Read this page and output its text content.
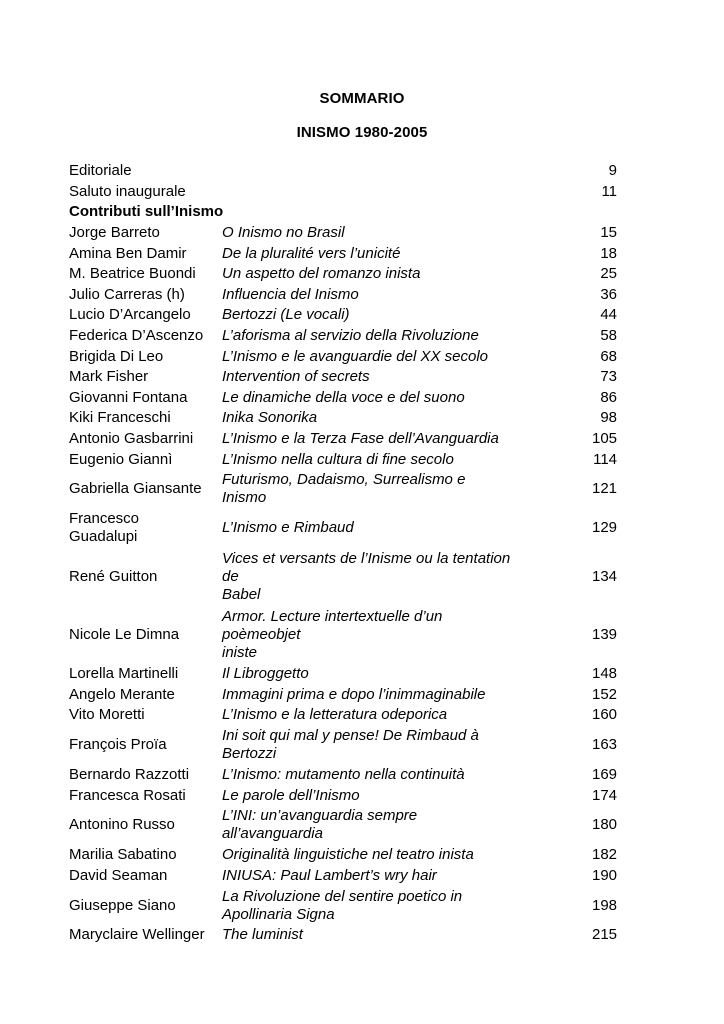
SOMMARIO
INISMO 1980-2005
Editoriale		9
Saluto inaugurale		11
Contributi sull’Inismo		
Jorge Barreto	O Inismo no Brasil	15
Amina Ben Damir	De la pluralité vers l’unicité	18
M. Beatrice Buondi	Un aspetto del romanzo inista	25
Julio Carreras (h)	Influencia del Inismo	36
Lucio D’Arcangelo	Bertozzi (Le vocali)	44
Federica D’Ascenzo	L’aforisma al servizio della Rivoluzione	58
Brigida Di Leo	L’Inismo e le avanguardie del XX secolo	68
Mark Fisher	Intervention of secrets	73
Giovanni Fontana	Le dinamiche della voce e del suono	86
Kiki Franceschi	Inika Sonorika	98
Antonio Gasbarrini	L’Inismo e la Terza Fase dell’Avanguardia	105
Eugenio Giannì	L’Inismo nella cultura di fine secolo	114
Gabriella Giansante	Futurismo, Dadaismo, Surrealismo e
Inismo	121

Francesco
Guadalupi	L’Inismo e Rimbaud	129
René Guitton	Vices et versants de l’Inisme ou la tentation
de
Babel	134
Nicole Le Dimna	Armor. Lecture intertextuelle d’un
poèmeobjet
iniste	139
Lorella Martinelli	Il Libroggetto	148
Angelo Merante	Immagini prima e dopo l’inimmaginabile	152
Vito Moretti	L’Inismo e la letteratura odeporica	160
François Proïa	Ini soit qui mal y pense! De Rimbaud à
Bertozzi	163
Bernardo Razzotti	L’Inismo: mutamento nella continuità	169
Francesca Rosati	Le parole dell’Inismo	174
Antonino Russo	L’INI: un’avanguardia sempre
all’avanguardia	180
Marilia Sabatino	Originalità linguistiche nel teatro inista	182
David Seaman	INIUSA: Paul Lambert’s wry hair	190
Giuseppe Siano	La Rivoluzione del sentire poetico in
Apollinaria Signa	198
Maryclaire Wellinger	The luminist	215
